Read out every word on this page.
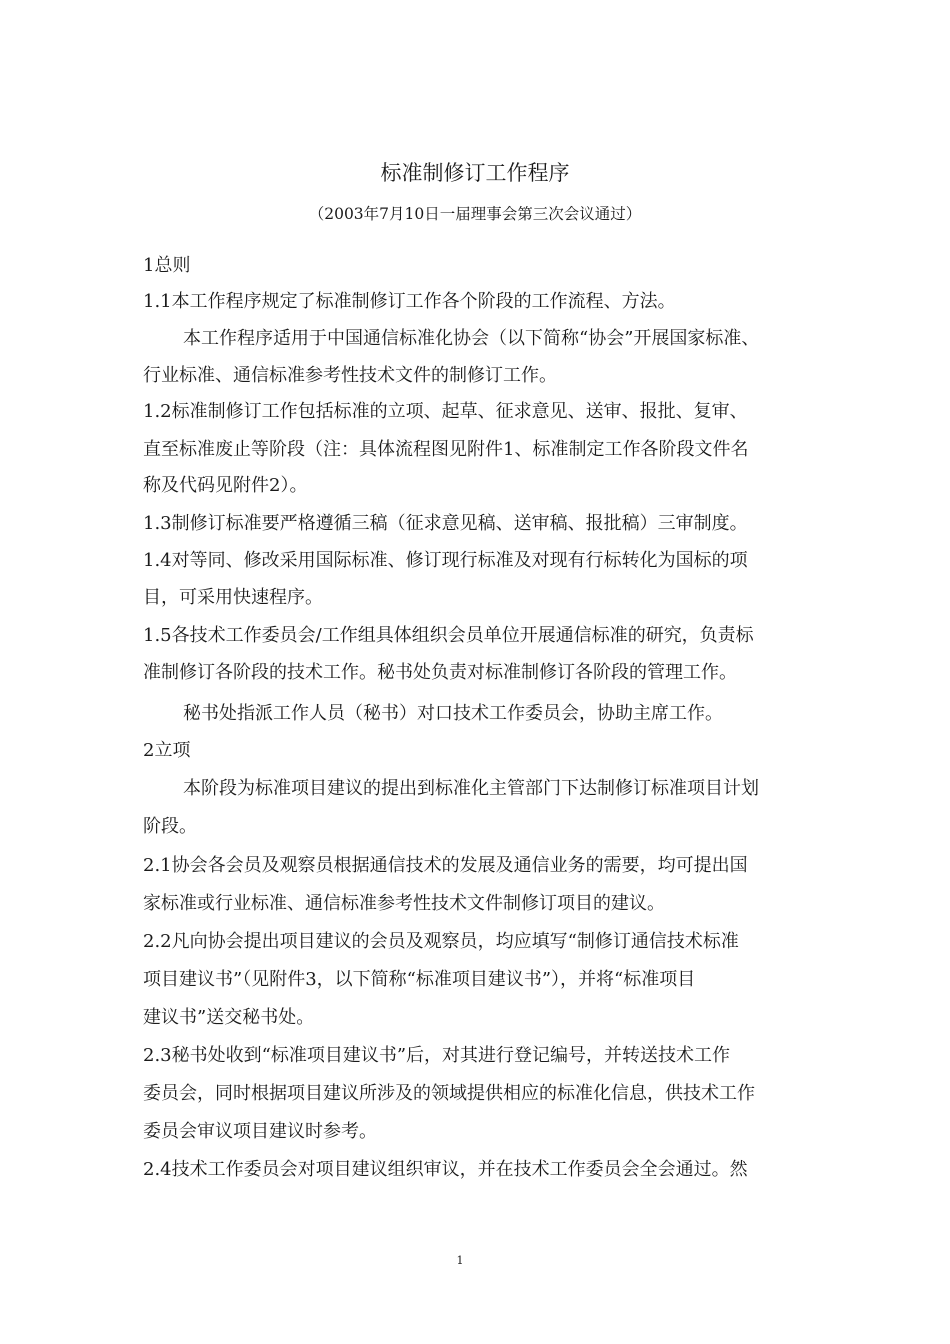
标准制修订工作程序
（2003年7月10日一届理事会第三次会议通过）
1总则
1.1本工作程序规定了标准制修订工作各个阶段的工作流程、方法。
本工作程序适用于中国通信标准化协会（以下简称“协会”开展国家标准、
行业标准、通信标准参考性技术文件的制修订工作。
1.2标准制修订工作包括标准的立项、起草、征求意见、送审、报批、复审、
直至标准废止等阶段（注：具体流程图见附件1、标准制定工作各阶段文件名
称及代码见附件2）。
1.3制修订标准要严格遵循三稿（征求意见稿、送审稿、报批稿）三审制度。
1.4对等同、修改采用国际标准、修订现行标准及对现有行标转化为国标的项
目，可采用快速程序。
1.5各技术工作委员会/工作组具体组织会员单位开展通信标准的研究，负责标
准制修订各阶段的技术工作。秘书处负责对标准制修订各阶段的管理工作。
秘书处指派工作人员（秘书）对口技术工作委员会，协助主席工作。
2立项
本阶段为标准项目建议的提出到标准化主管部门下达制修订标准项目计划
阶段。
2.1协会各会员及观察员根据通信技术的发展及通信业务的需要，均可提出国
家标准或行业标准、通信标准参考性技术文件制修订项目的建议。
2.2凡向协会提出项目建议的会员及观察员，均应填写“制修订通信技术标准
项目建议书”（见附件3，以下简称“标准项目建议书”），并将“标准项目
建议书”送交秘书处。
2.3秘书处收到“标准项目建议书”后，对其进行登记编号，并转送技术工作
委员会，同时根据项目建议所涉及的领域提供相应的标准化信息，供技术工作
委员会审议项目建议时参考。
2.4技术工作委员会对项目建议组织审议，并在技术工作委员会全会通过。然
1
